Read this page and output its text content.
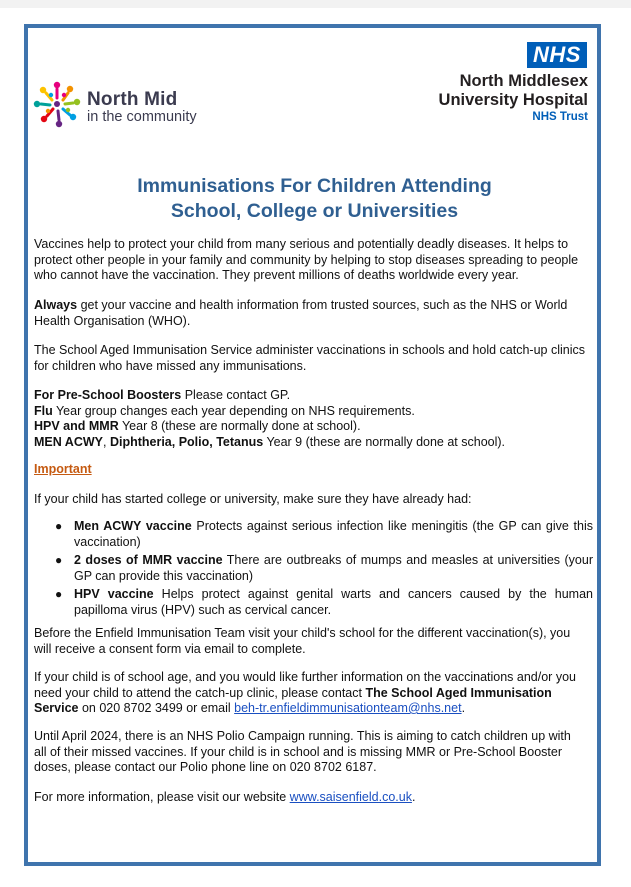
North Mid
in the community
NHS
North Middlesex
University Hospital
NHS Trust
Immunisations For Children Attending
School, College or Universities
Vaccines help to protect your child from many serious and potentially deadly diseases. It helps to
protect other people in your family and community by helping to stop diseases spreading to people
who cannot have the vaccination. They prevent millions of deaths worldwide every year.
Always get your vaccine and health information from trusted sources, such as the NHS or World
Health Organisation (WHO).
The School Aged Immunisation Service administer vaccinations in schools and hold catch-up clinics
for children who have missed any immunisations.
For Pre-School Boosters Please contact GP.
Flu Year group changes each year depending on NHS requirements.
HPV and MMR Year 8 (these are normally done at school).
MEN ACWY, Diphtheria, Polio, Tetanus Year 9 (these are normally done at school).
Important
If your child has started college or university, make sure they have already had:
● Men ACWY vaccine Protects against serious infection like meningitis (the GP can give this vaccination)
● 2 doses of MMR vaccine There are outbreaks of mumps and measles at universities (your GP can provide this vaccination)
● HPV vaccine Helps protect against genital warts and cancers caused by the human papilloma virus (HPV) such as cervical cancer.
Before the Enfield Immunisation Team visit your child's school for the different vaccination(s), you
will receive a consent form via email to complete.
If your child is of school age, and you would like further information on the vaccinations and/or you
need your child to attend the catch-up clinic, please contact The School Aged Immunisation
Service on 020 8702 3499 or email beh-tr.enfieldimmunisationteam@nhs.net.
Until April 2024, there is an NHS Polio Campaign running. This is aiming to catch children up with
all of their missed vaccines. If your child is in school and is missing MMR or Pre-School Booster
doses, please contact our Polio phone line on 020 8702 6187.
For more information, please visit our website www.saisenfield.co.uk.
